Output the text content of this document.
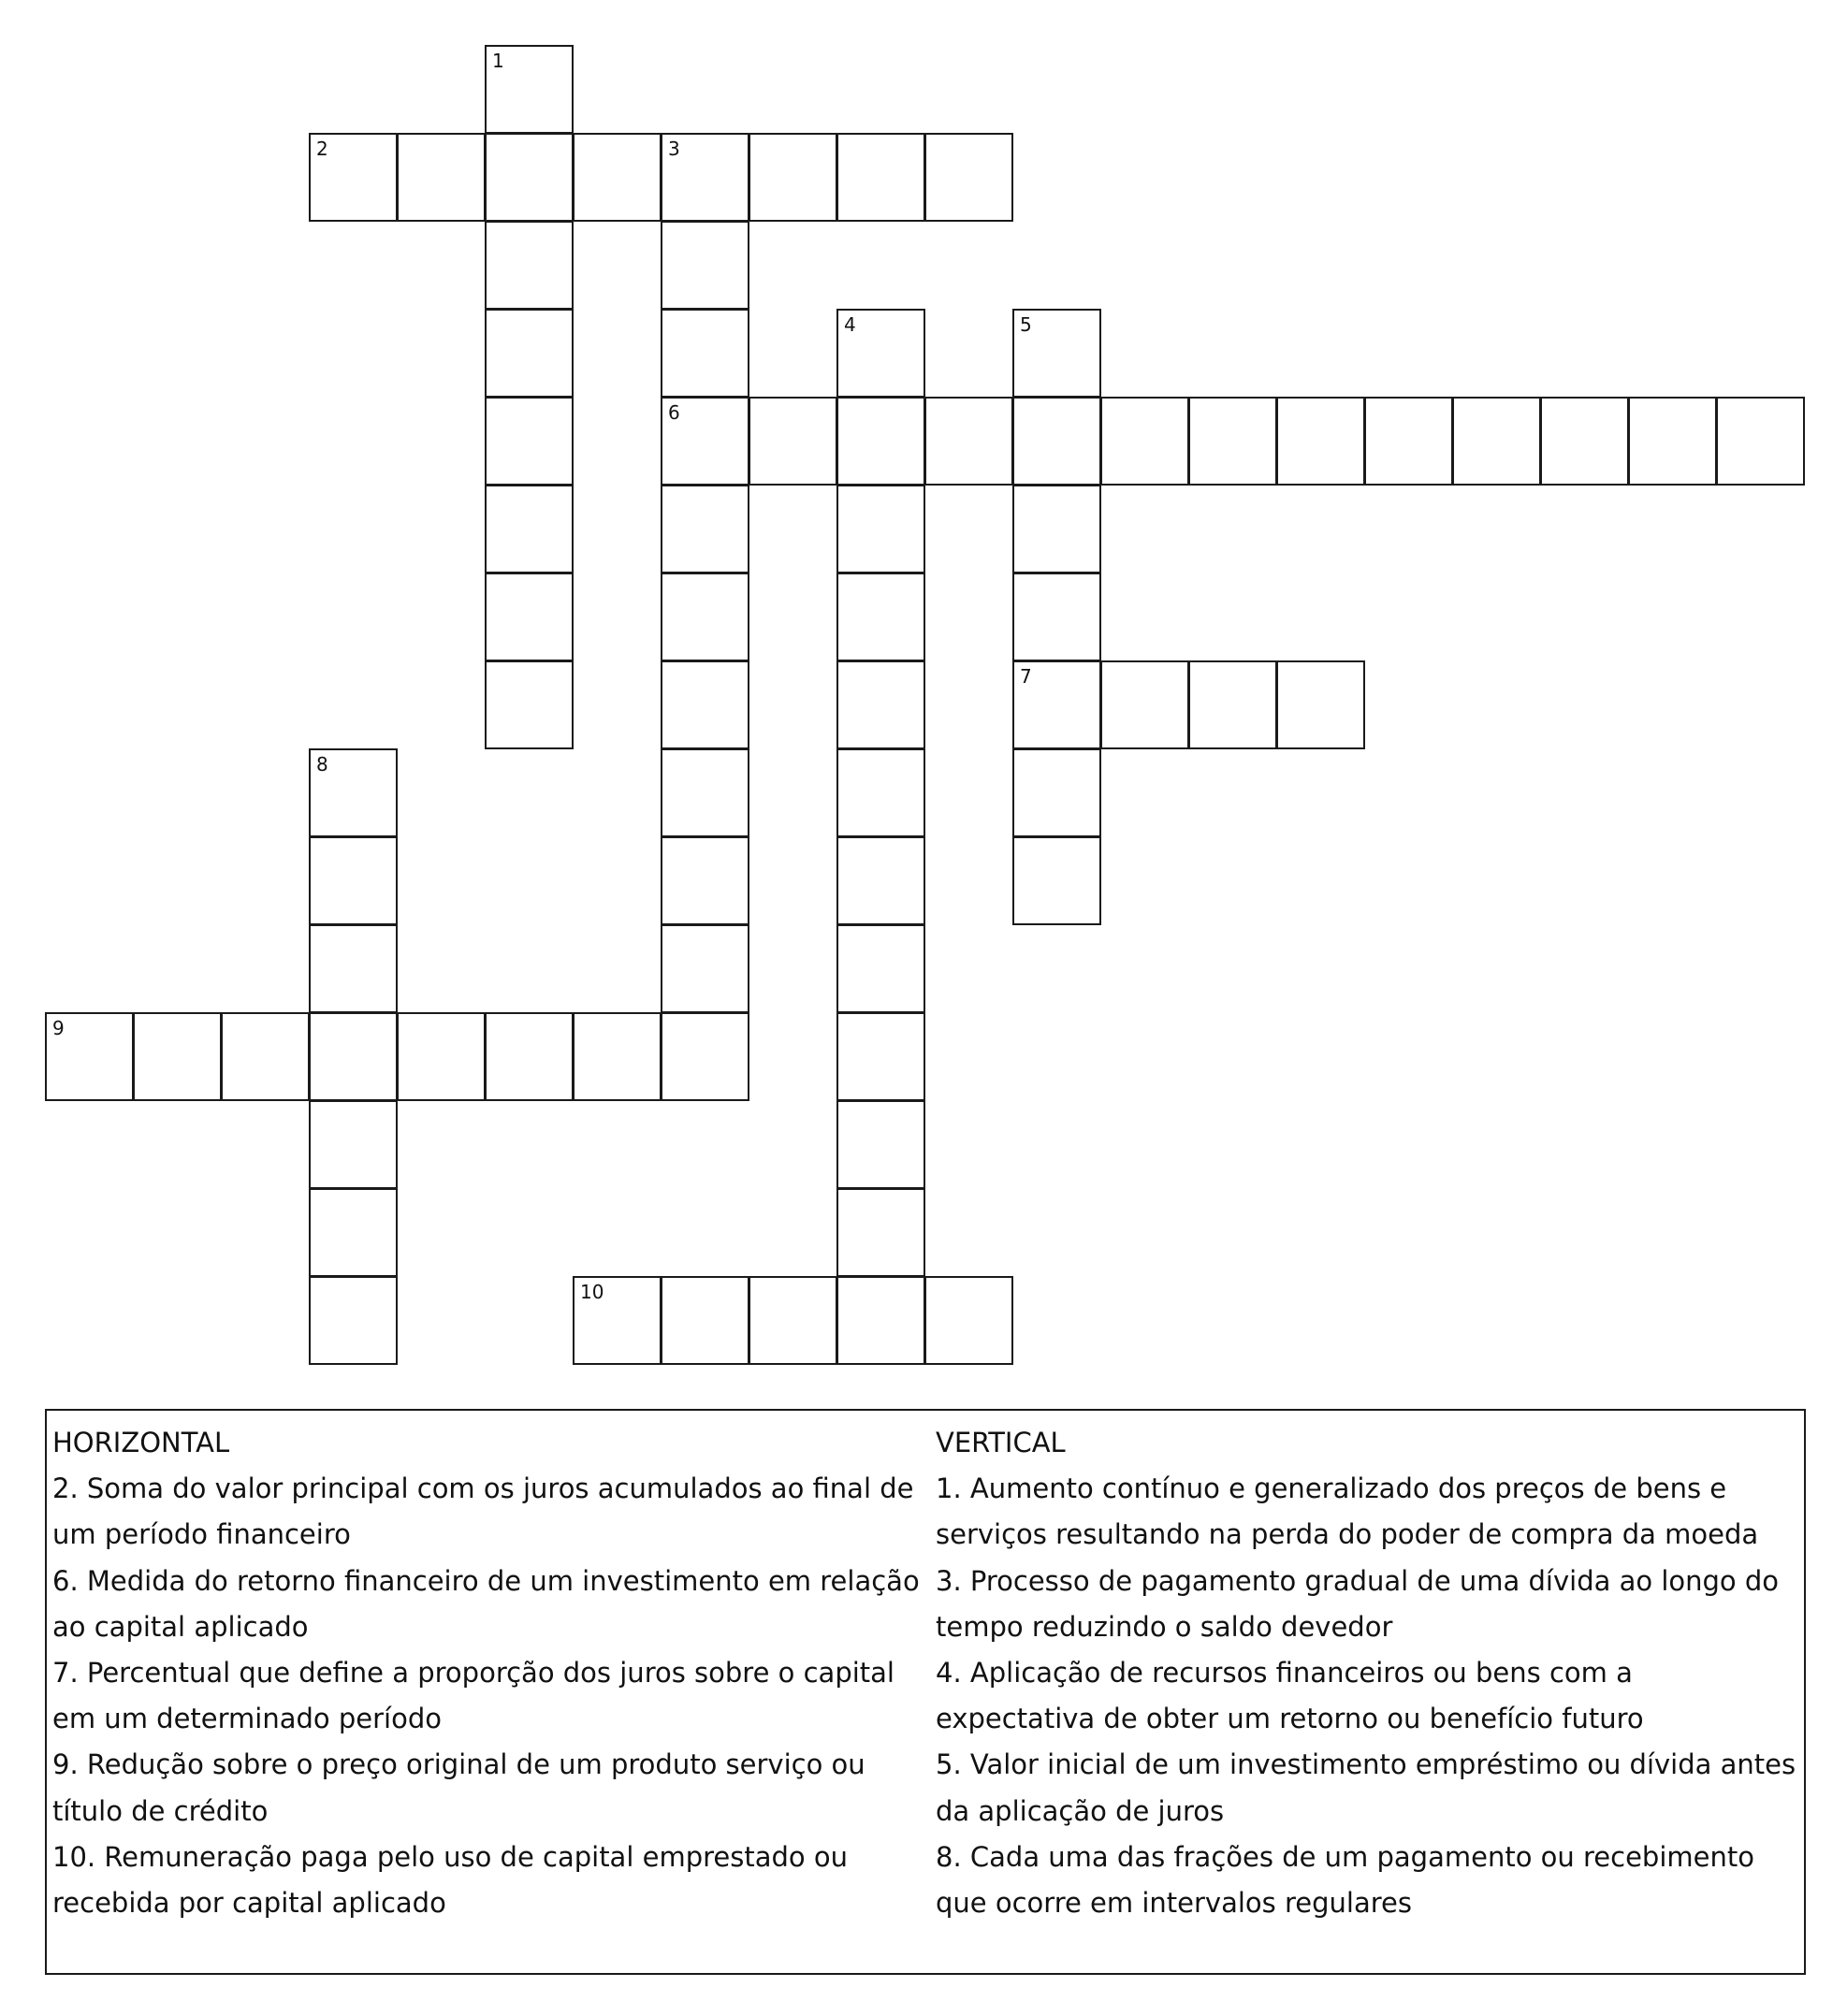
1
2	3
4	5
6
7
8
9
10

HORIZONTAL

2. Soma do valor principal com os juros acumulados ao final de um período financeiro

6. Medida do retorno financeiro de um investimento em relação ao capital aplicado

7. Percentual que define a proporção dos juros sobre o capital em um determinado período

9. Redução sobre o preço original de um produto serviço ou título de crédito

10. Remuneração paga pelo uso de capital emprestado ou recebida por capital aplicado

VERTICAL

1. Aumento contínuo e generalizado dos preços de bens e serviços resultando na perda do poder de compra da moeda

3. Processo de pagamento gradual de uma dívida ao longo do tempo reduzindo o saldo devedor

4. Aplicação de recursos financeiros ou bens com a expectativa de obter um retorno ou benefício futuro

5. Valor inicial de um investimento empréstimo ou dívida antes da aplicação de juros

8. Cada uma das frações de um pagamento ou recebimento que ocorre em intervalos regulares
